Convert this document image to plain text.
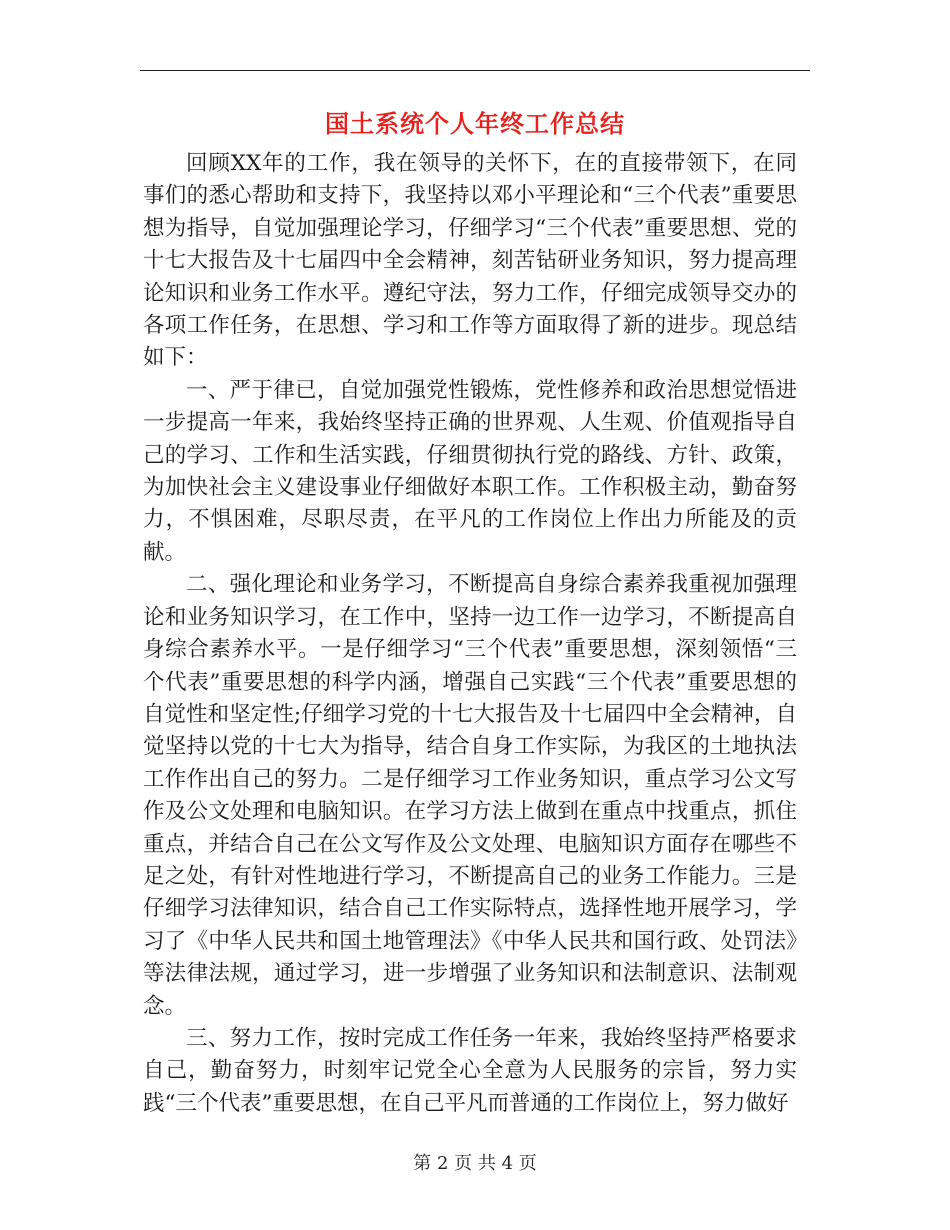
国土系统个人年终工作总结

回顾XX年的工作，我在领导的关怀下，在的直接带领下，在同事们的悉心帮助和支持下，我坚持以邓小平理论和“三个代表”重要思想为指导，自觉加强理论学习，仔细学习“三个代表”重要思想、党的十七大报告及十七届四中全会精神，刻苦钻研业务知识，努力提高理论知识和业务工作水平。遵纪守法，努力工作，仔细完成领导交办的各项工作任务，在思想、学习和工作等方面取得了新的进步。现总结如下：

一、严于律已，自觉加强党性锻炼，党性修养和政治思想觉悟进一步提高一年来，我始终坚持正确的世界观、人生观、价值观指导自己的学习、工作和生活实践，仔细贯彻执行党的路线、方针、政策，为加快社会主义建设事业仔细做好本职工作。工作积极主动，勤奋努力，不惧困难，尽职尽责，在平凡的工作岗位上作出力所能及的贡献。

二、强化理论和业务学习，不断提高自身综合素养我重视加强理论和业务知识学习，在工作中，坚持一边工作一边学习，不断提高自身综合素养水平。一是仔细学习“三个代表”重要思想，深刻领悟“三个代表”重要思想的科学内涵，增强自己实践“三个代表”重要思想的自觉性和坚定性;仔细学习党的十七大报告及十七届四中全会精神，自觉坚持以党的十七大为指导，结合自身工作实际，为我区的土地执法工作作出自己的努力。二是仔细学习工作业务知识，重点学习公文写作及公文处理和电脑知识。在学习方法上做到在重点中找重点，抓住重点，并结合自己在公文写作及公文处理、电脑知识方面存在哪些不足之处，有针对性地进行学习，不断提高自己的业务工作能力。三是仔细学习法律知识，结合自己工作实际特点，选择性地开展学习，学习了《中华人民共和国土地管理法》《中华人民共和国行政、处罚法》等法律法规，通过学习，进一步增强了业务知识和法制意识、法制观念。

三、努力工作，按时完成工作任务一年来，我始终坚持严格要求自己，勤奋努力，时刻牢记党全心全意为人民服务的宗旨，努力实践“三个代表”重要思想，在自己平凡而普通的工作岗位上，努力做好

第 2 页 共 4 页
